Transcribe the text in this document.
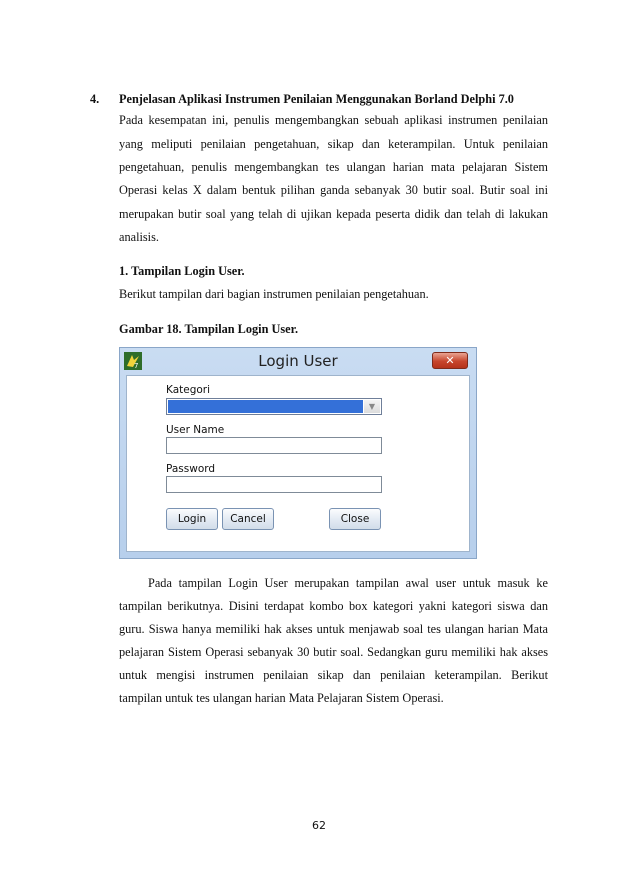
4. Penjelasan Aplikasi Instrumen Penilaian Menggunakan Borland Delphi 7.0
Pada kesempatan ini, penulis mengembangkan sebuah aplikasi instrumen penilaian
yang meliputi penilaian pengetahuan, sikap dan keterampilan. Untuk penilaian
pengetahuan, penulis mengembangkan tes ulangan harian mata pelajaran Sistem
Operasi kelas X dalam bentuk pilihan ganda sebanyak 30 butir soal. Butir soal ini
merupakan butir soal yang telah di ujikan kepada peserta didik dan telah di lakukan
analisis.
1. Tampilan Login User.
Berikut tampilan dari bagian instrumen penilaian pengetahuan.
Gambar 18. Tampilan Login User.
7	Login User	✕
Kategori
▼
User Name
Password
Login	Cancel	Close
Pada tampilan Login User merupakan tampilan awal user untuk masuk ke
tampilan berikutnya. Disini terdapat kombo box kategori yakni kategori siswa dan
guru. Siswa hanya memiliki hak akses untuk menjawab soal tes ulangan harian Mata
pelajaran Sistem Operasi sebanyak 30 butir soal. Sedangkan guru memiliki hak akses
untuk mengisi instrumen penilaian sikap dan penilaian keterampilan. Berikut
tampilan untuk tes ulangan harian Mata Pelajaran Sistem Operasi.
62
